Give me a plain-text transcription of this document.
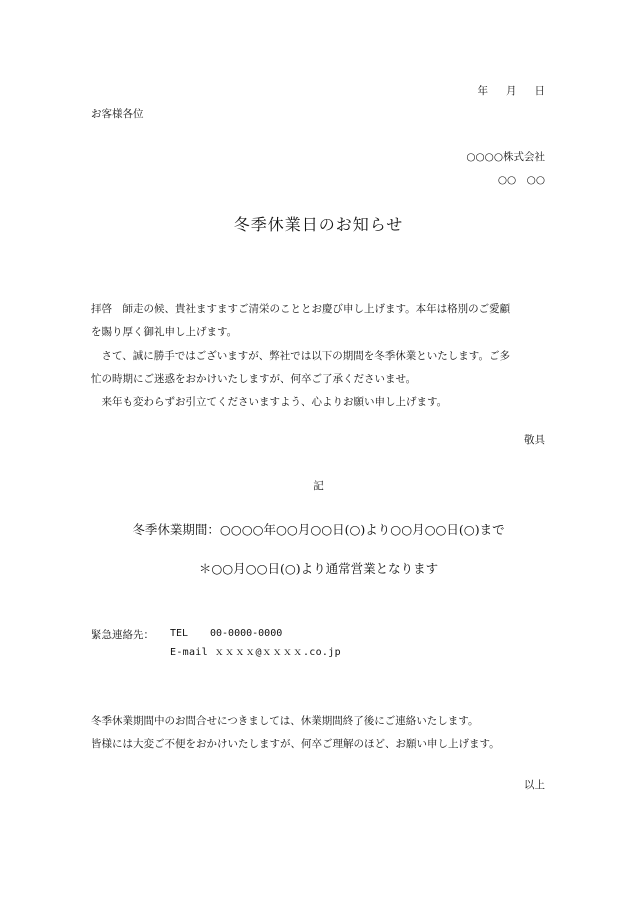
年 月 日
お客様各位
○○○○株式会社
○○　○○
冬季休業日のお知らせ
拝啓　師走の候、貴社ますますご清栄のこととお慶び申し上げます。本年は格別のご愛顧
を賜り厚く御礼申し上げます。
　さて、誠に勝手ではございますが、弊社では以下の期間を冬季休業といたします。ご多
忙の時期にご迷惑をおかけいたしますが、何卒ご了承くださいませ。
　来年も変わらずお引立てくださいますよう、心よりお願い申し上げます。
敬具
記
冬季休業期間：○○○○年○○月○○日(○)より○○月○○日(○)まで
＊○○月○○日(○)より通常営業となります
緊急連絡先： TEL 00-0000-0000
E-mail ｘｘｘｘ@ｘｘｘｘ.co.jp
冬季休業期間中のお問合せにつきましては、休業期間終了後にご連絡いたします。
皆様には大変ご不便をおかけいたしますが、何卒ご理解のほど、お願い申し上げます。
以上
